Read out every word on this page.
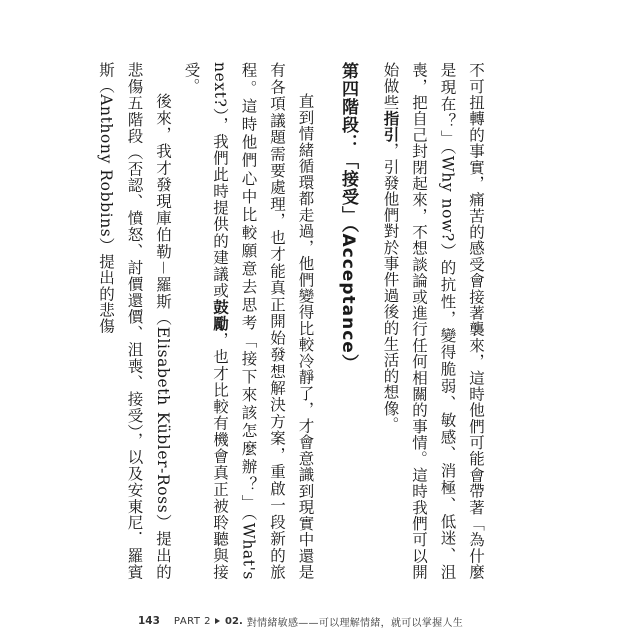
不可扭轉的事實，痛苦的感受會接著襲來，這時他們可能會帶著「為什麼是現在？」（Why now?）的抗性，變得脆弱、敏感、消極、低迷、沮喪，把自己封閉起來，不想談論或進行任何相關的事情。這時我們可以開始做些指引，引發他們對於事件過後的生活的想像。

第四階段：「接受」（Acceptance）

直到情緒循環都走過，他們變得比較冷靜了，才會意識到現實中還是有各項議題需要處理，也才能真正開始發想解決方案，重啟一段新的旅程。這時他們心中比較願意去思考「接下來該怎麼辦？」（What's next?），我們此時提供的建議或鼓勵，也才比較有機會真正被聆聽與接受。

後來，我才發現庫伯勒－羅斯（Elisabeth Kübler-Ross）提出的悲傷五階段（否認、憤怒、討價還價、沮喪、接受），以及安東尼．羅賓斯（Anthony Robbins）提出的悲傷

143 PART 2 02. 對情緒敏感——可以理解情緒，就可以掌握人生
